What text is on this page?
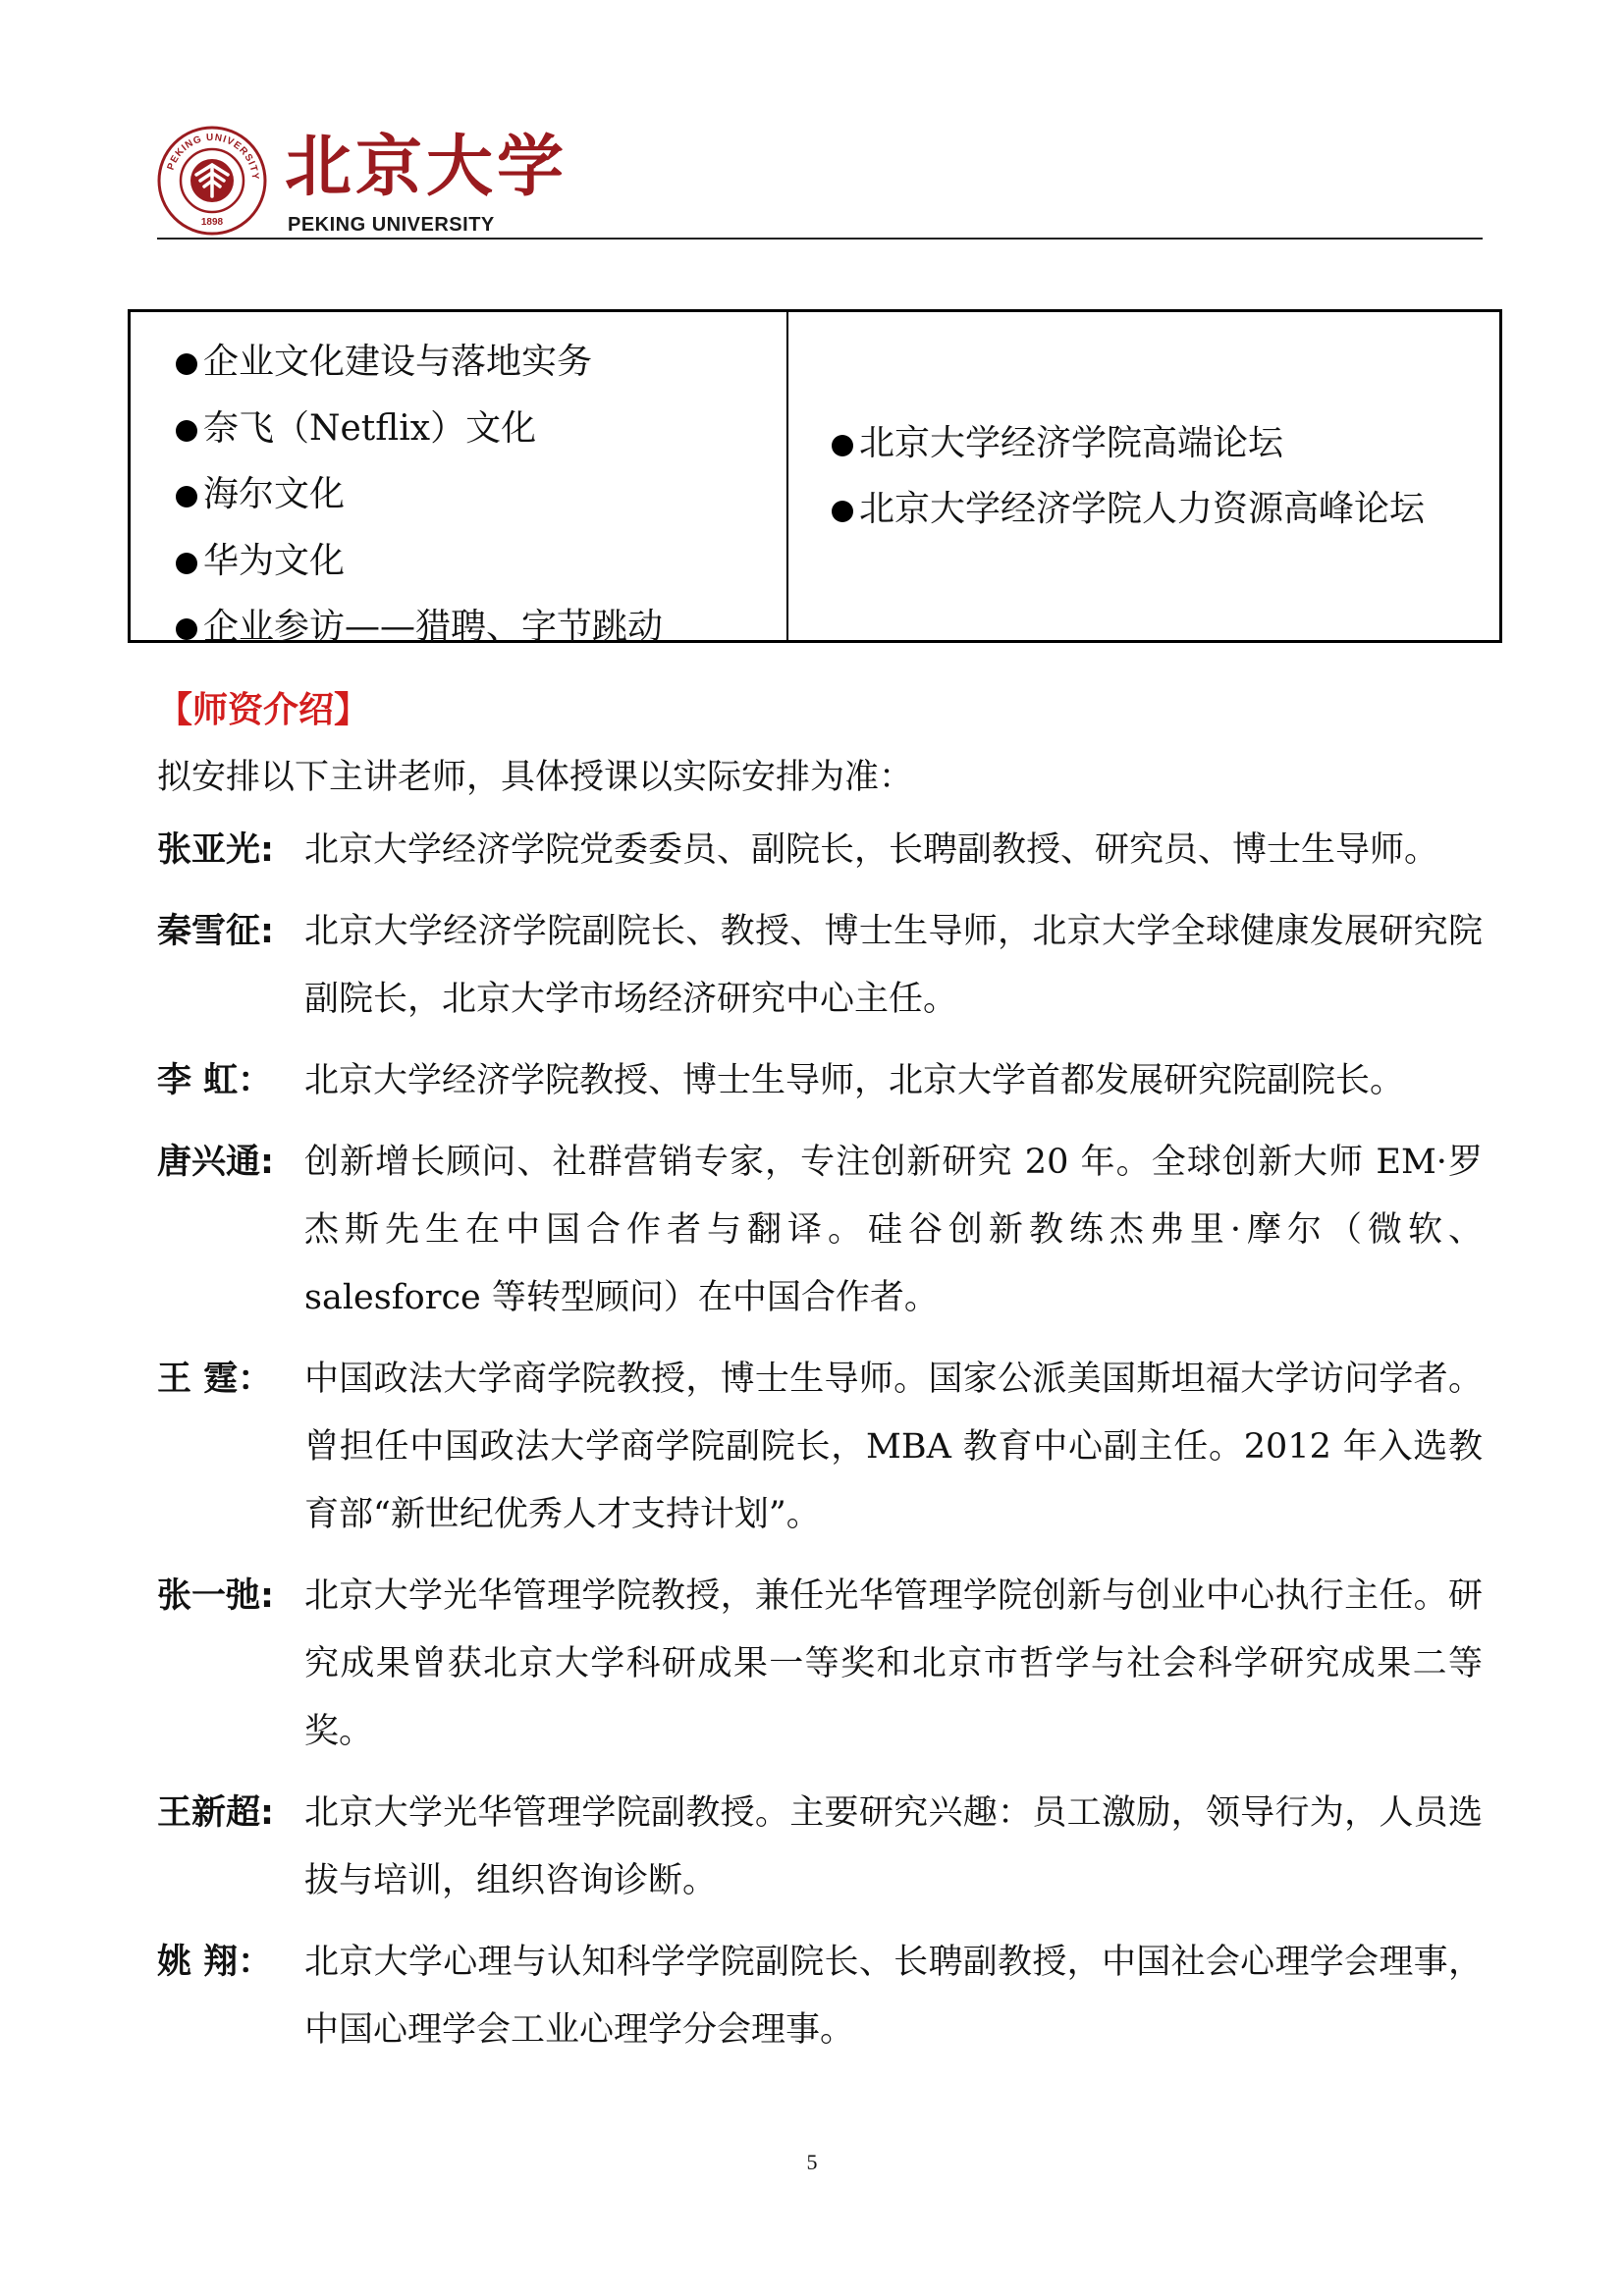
PEKING UNIVERSITY
1898
北京大学
PEKING UNIVERSITY
企业文化建设与落地实务
奈飞（Netflix）文化
海尔文化
华为文化
企业参访——猎聘、字节跳动
北京大学经济学院高端论坛
北京大学经济学院人力资源高峰论坛
【师资介绍】
拟安排以下主讲老师，具体授课以实际安排为准：
张亚光: 北京大学经济学院党委委员、副院长，长聘副教授、研究员、博士生导师。
秦雪征: 北京大学经济学院副院长、教授、博士生导师，北京大学全球健康发展研究院副院长，北京大学市场经济研究中心主任。
李 虹： 北京大学经济学院教授、博士生导师，北京大学首都发展研究院副院长。
唐兴通: 创新增长顾问、社群营销专家，专注创新研究 20 年。全球创新大师 EM·罗杰斯先生在中国合作者与翻译。硅谷创新教练杰弗里·摩尔（微软、salesforce 等转型顾问）在中国合作者。
王 霆： 中国政法大学商学院教授，博士生导师。国家公派美国斯坦福大学访问学者。曾担任中国政法大学商学院副院长，MBA 教育中心副主任。2012 年入选教育部“新世纪优秀人才支持计划”。
张一弛: 北京大学光华管理学院教授，兼任光华管理学院创新与创业中心执行主任。研究成果曾获北京大学科研成果一等奖和北京市哲学与社会科学研究成果二等奖。
王新超: 北京大学光华管理学院副教授。主要研究兴趣：员工激励，领导行为，人员选拔与培训，组织咨询诊断。
姚 翔： 北京大学心理与认知科学学院副院长、长聘副教授，中国社会心理学会理事，中国心理学会工业心理学分会理事。
5
